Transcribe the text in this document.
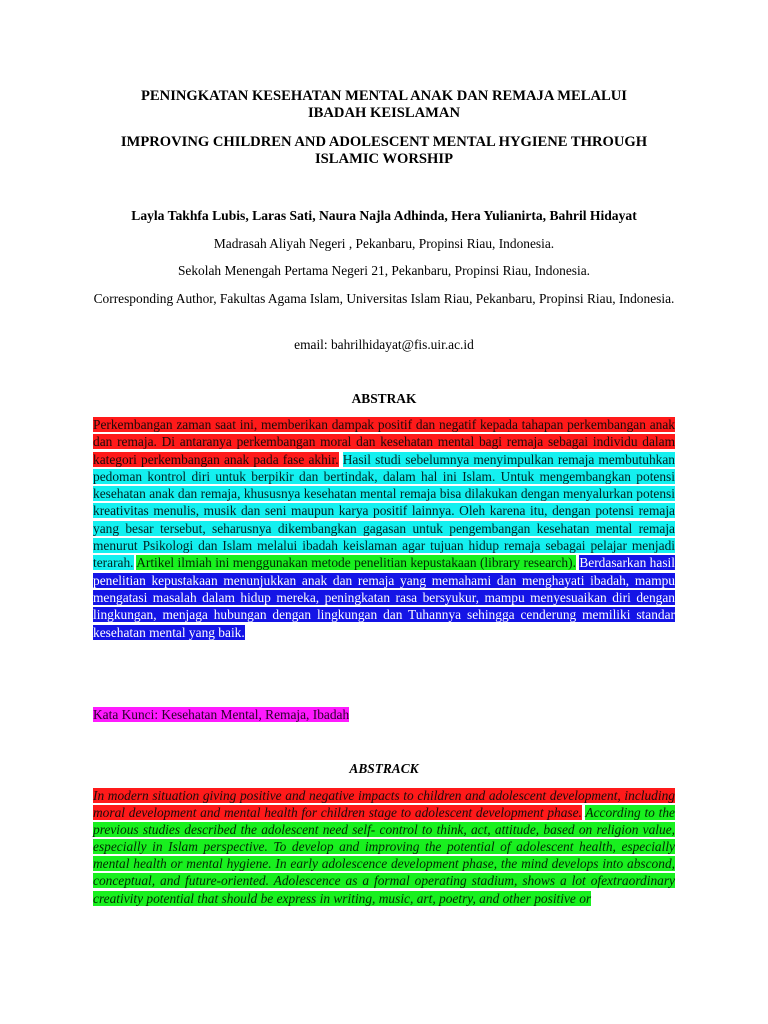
PENINGKATAN KESEHATAN MENTAL ANAK DAN REMAJA MELALUI IBADAH KEISLAMAN
IMPROVING CHILDREN AND ADOLESCENT MENTAL HYGIENE THROUGH ISLAMIC WORSHIP
Layla Takhfa Lubis, Laras Sati, Naura Najla Adhinda, Hera Yulianirta, Bahril Hidayat
Madrasah Aliyah Negeri , Pekanbaru, Propinsi Riau, Indonesia.
Sekolah Menengah Pertama Negeri 21, Pekanbaru, Propinsi Riau, Indonesia.
Corresponding Author, Fakultas Agama Islam, Universitas Islam Riau, Pekanbaru, Propinsi Riau, Indonesia.
email: bahrilhidayat@fis.uir.ac.id
ABSTRAK
Perkembangan zaman saat ini, memberikan dampak positif dan negatif kepada tahapan perkembangan anak dan remaja. Di antaranya perkembangan moral dan kesehatan mental bagi remaja sebagai individu dalam kategori perkembangan anak pada fase akhir. Hasil studi sebelumnya menyimpulkan remaja membutuhkan pedoman kontrol diri untuk berpikir dan bertindak, dalam hal ini Islam. Untuk mengembangkan potensi kesehatan anak dan remaja, khususnya kesehatan mental remaja bisa dilakukan dengan menyalurkan potensi kreativitas menulis, musik dan seni maupun karya positif lainnya. Oleh karena itu, dengan potensi remaja yang besar tersebut, seharusnya dikembangkan gagasan untuk pengembangan kesehatan mental remaja menurut Psikologi dan Islam melalui ibadah keislaman agar tujuan hidup remaja sebagai pelajar menjadi terarah. Artikel ilmiah ini menggunakan metode penelitian kepustakaan (library research). Berdasarkan hasil penelitian kepustakaan menunjukkan anak dan remaja yang memahami dan menghayati ibadah, mampu mengatasi masalah dalam hidup mereka, peningkatan rasa bersyukur, mampu menyesuaikan diri dengan lingkungan, menjaga hubungan dengan lingkungan dan Tuhannya sehingga cenderung memiliki standar kesehatan mental yang baik.
Kata Kunci: Kesehatan Mental, Remaja, Ibadah
ABSTRACK
In modern situation giving positive and negative impacts to children and adolescent development, including moral development and mental health for children stage to adolescent development phase. According to the previous studies described the adolescent need self- control to think, act, attitude, based on religion value, especially in Islam perspective. To develop and improving the potential of adolescent health, especially mental health or mental hygiene. In early adolescence development phase, the mind develops into abscond, conceptual, and future-oriented. Adolescence as a formal operating stadium, shows a lot ofextraordinary creativity potential that should be express in writing, music, art, poetry, and other positive or
